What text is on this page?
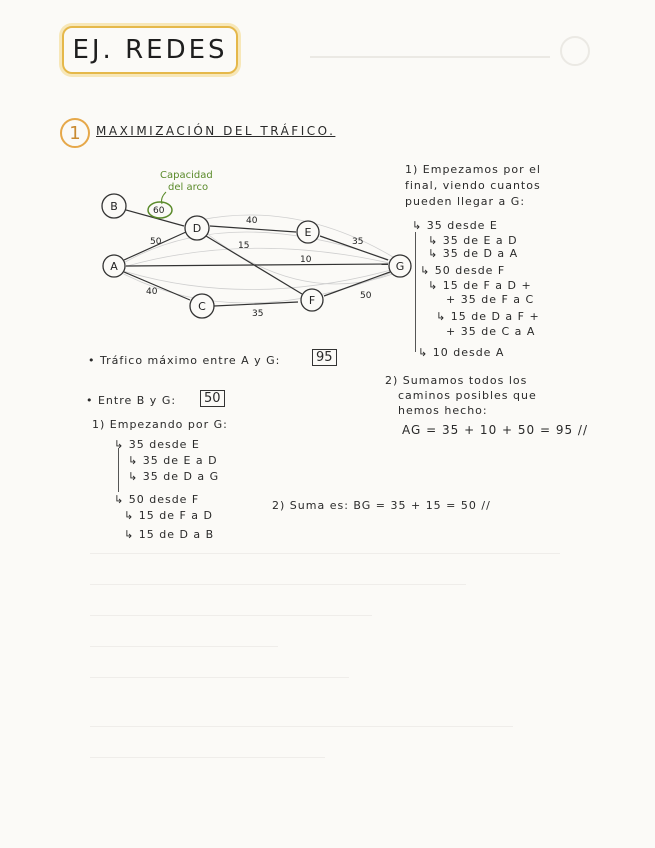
EJ. REDES
1	MAXIMIZACIÓN DEL TRÁFICO.
Capacidad
del arco
60
50
40
15
10
35
40
35
50
B
A
D	E
C	F
G
1) Empezamos por el
final, viendo cuantos
pueden llegar a G:
↳ 35 desde E
↳ 35 de E a D
↳ 35 de D a A
↳ 50 desde F
↳ 15 de F a D +
+ 35 de F a C
↳ 15 de D a F +
+ 35 de C a A
↳ 10 desde A
2) Sumamos todos los
caminos posibles que
hemos hecho:
AG = 35 + 10 + 50 = 95 //
• Tráfico máximo entre A y G:	95
• Entre B y G:	50
1) Empezando por G:
↳ 35 desde E
↳ 35 de E a D
↳ 35 de D a G
↳ 50 desde F
↳ 15 de F a D
↳ 15 de D a B
2) Suma es: BG = 35 + 15 = 50 //
